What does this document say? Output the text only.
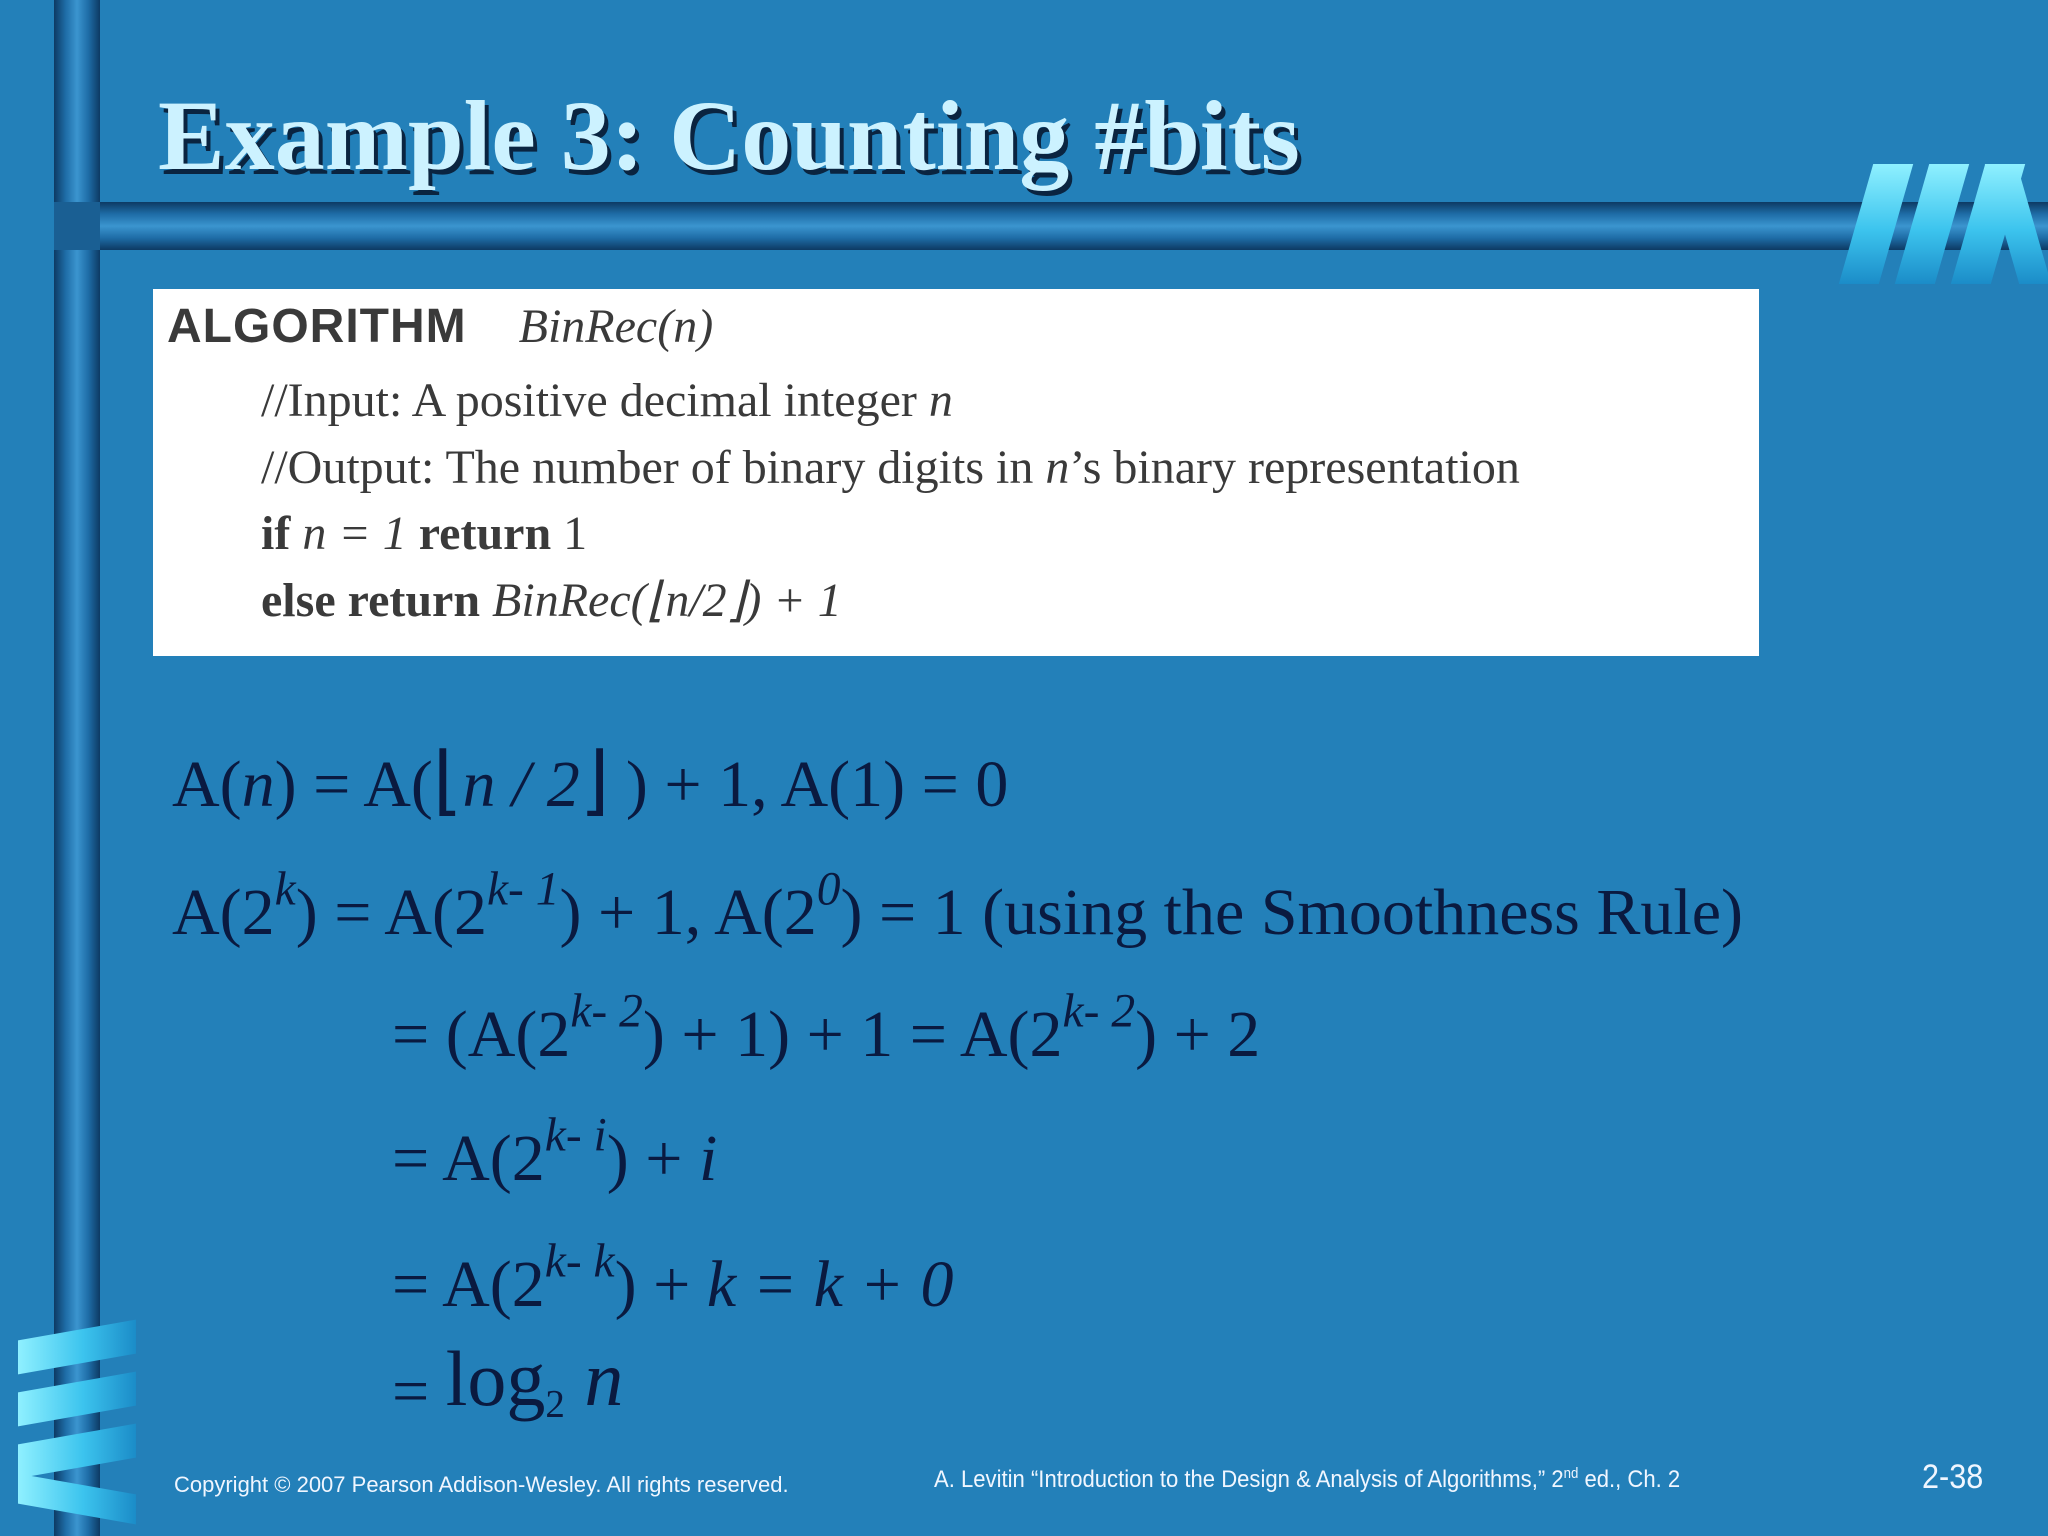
Example 3: Counting #bits
ALGORITHM BinRec(n)
//Input: A positive decimal integer n
//Output: The number of binary digits in n’s binary representation
if n = 1 return 1
else return BinRec(⌊n/2⌋) + 1
A(n) = A(⌊n / 2⌋ ) + 1, A(1) = 0
$A(2^k) = A(2^{k- 1}) + 1$, $A(2^0) = 1$ (using the Smoothness Rule)
= $(A(2^{k- 2}) + 1) + 1 = A(2^{k- 2}) + 2$
= $A(2^{k- i}) + i$
= $A(2^{k- k}) + k = k + 0$
= $\log_2 n$
Copyright © 2007 Pearson Addison-Wesley. All rights reserved.	A. Levitin “Introduction to the Design & Analysis of Algorithms,” 2nd ed., Ch. 2	2-38
